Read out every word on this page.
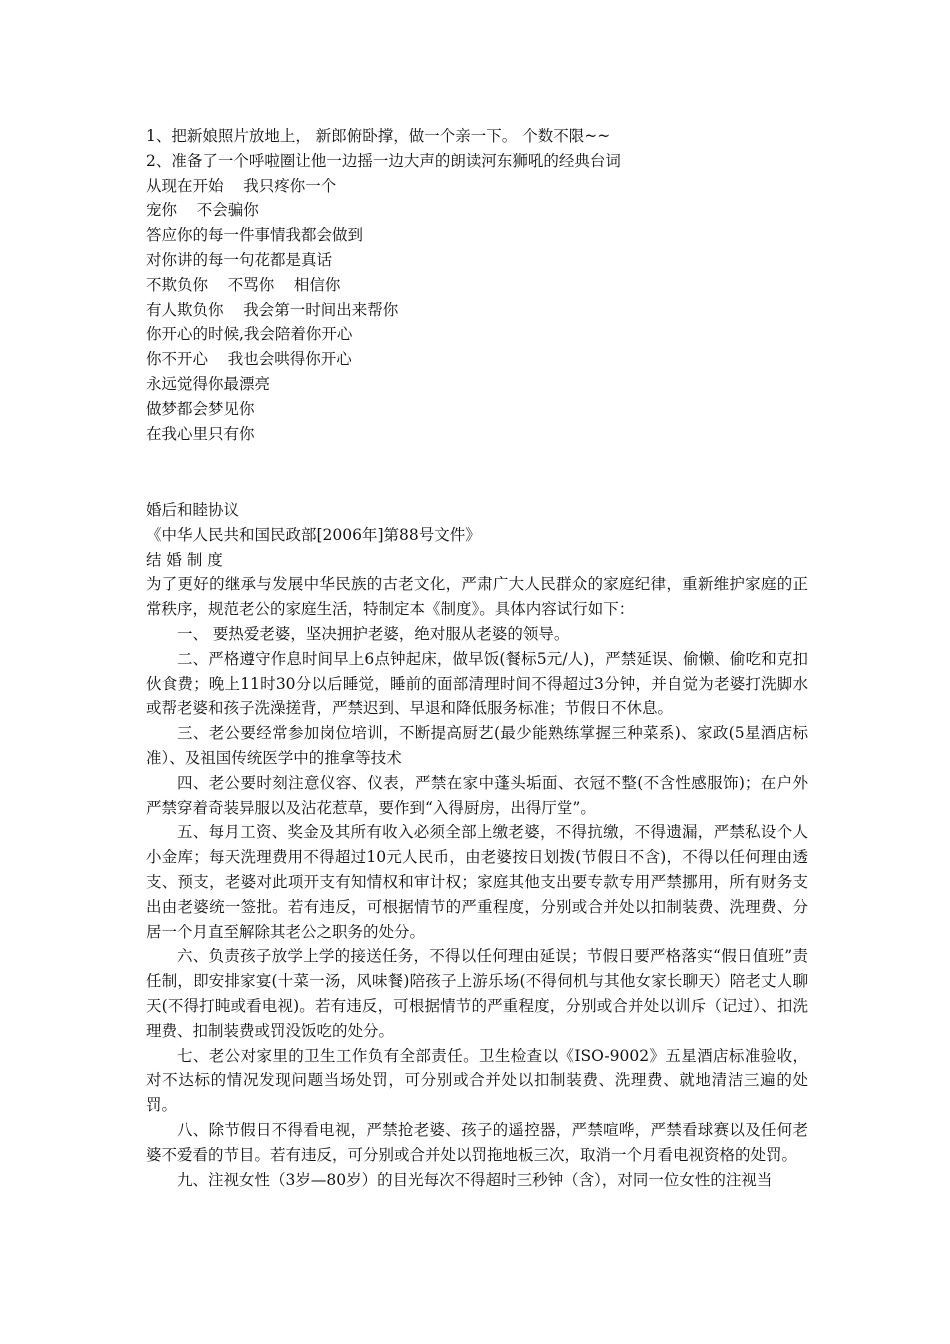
1、把新娘照片放地上， 新郎俯卧撑，做一个亲一下。 个数不限~~

2、准备了一个呼啦圈让他一边摇一边大声的朗读河东狮吼的经典台词

从现在开始    我只疼你一个

宠你    不会骗你

答应你的每一件事情我都会做到

对你讲的每一句花都是真话

不欺负你    不骂你    相信你

有人欺负你    我会第一时间出来帮你

你开心的时候,我会陪着你开心

你不开心    我也会哄得你开心

永远觉得你最漂亮

做梦都会梦见你

在我心里只有你

婚后和睦协议

《中华人民共和国民政部[2006年]第88号文件》

结 婚 制 度

为了更好的继承与发展中华民族的古老文化，严肃广大人民群众的家庭纪律，重新维护家庭的正常秩序，规范老公的家庭生活，特制定本《制度》。具体内容试行如下：

一、 要热爱老婆，坚决拥护老婆，绝对服从老婆的领导。

二、严格遵守作息时间早上6点钟起床，做早饭(餐标5元/人)，严禁延误、偷懒、偷吃和克扣伙食费；晚上11时30分以后睡觉，睡前的面部清理时间不得超过3分钟，并自觉为老婆打洗脚水或帮老婆和孩子洗澡搓背，严禁迟到、早退和降低服务标准；节假日不休息。

三、老公要经常参加岗位培训，不断提高厨艺(最少能熟练掌握三种菜系)、家政(5星酒店标准）、及祖国传统医学中的推拿等技术

四、老公要时刻注意仪容、仪表，严禁在家中蓬头垢面、衣冠不整(不含性感服饰)；在户外严禁穿着奇装异服以及沾花惹草，要作到“入得厨房，出得厅堂”。

五、每月工资、奖金及其所有收入必须全部上缴老婆，不得抗缴，不得遗漏，严禁私设个人小金库；每天洗理费用不得超过10元人民币，由老婆按日划拨(节假日不含)，不得以任何理由透支、预支，老婆对此项开支有知情权和审计权；家庭其他支出要专款专用严禁挪用，所有财务支出由老婆统一签批。若有违反，可根据情节的严重程度，分别或合并处以扣制装费、洗理费、分居一个月直至解除其老公之职务的处分。

六、负责孩子放学上学的接送任务，不得以任何理由延误；节假日要严格落实“假日值班”责任制，即安排家宴(十菜一汤，风味餐)陪孩子上游乐场(不得伺机与其他女家长聊天）陪老丈人聊天(不得打盹或看电视)。若有违反，可根据情节的严重程度，分别或合并处以训斥（记过）、扣洗理费、扣制装费或罚没饭吃的处分。

七、老公对家里的卫生工作负有全部责任。卫生检查以《ISO-9002》五星酒店标准验收，对不达标的情况发现问题当场处罚，可分别或合并处以扣制装费、洗理费、就地清洁三遍的处罚。

八、除节假日不得看电视，严禁抢老婆、孩子的遥控器，严禁喧哗，严禁看球赛以及任何老婆不爱看的节目。若有违反，可分别或合并处以罚拖地板三次，取消一个月看电视资格的处罚。

九、注视女性（3岁—80岁）的目光每次不得超时三秒钟（含），对同一位女性的注视当
